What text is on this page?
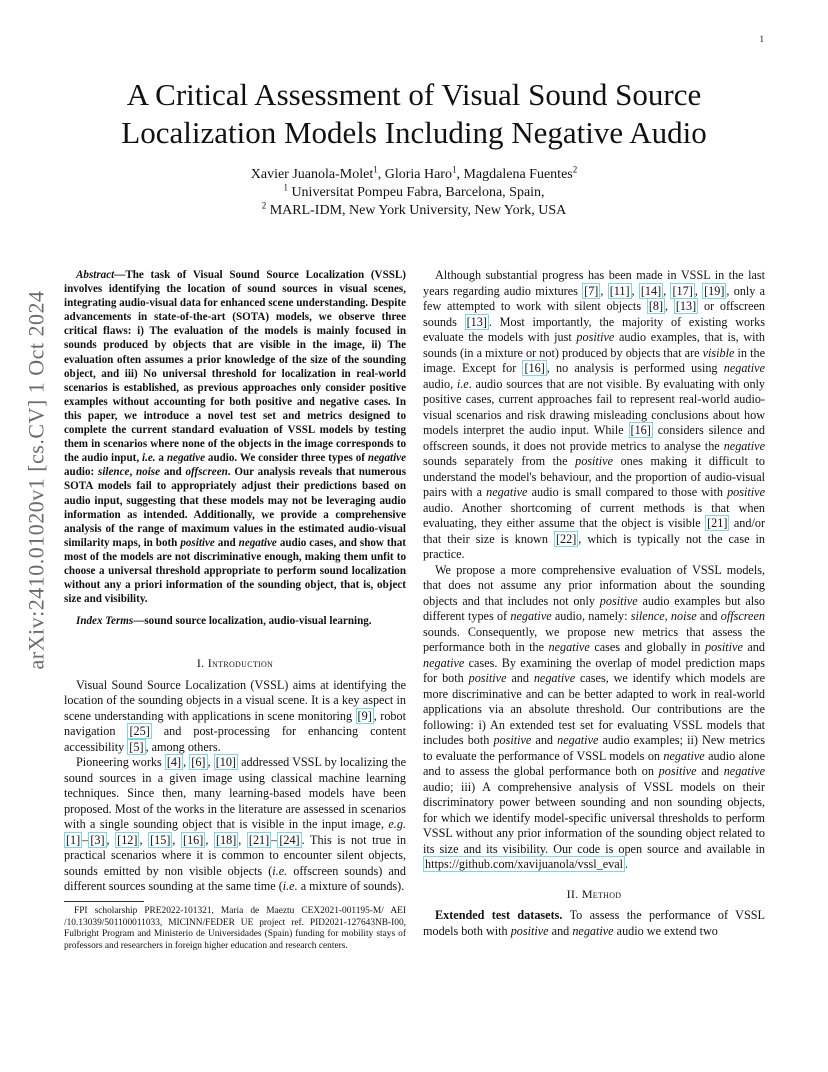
1
arXiv:2410.01020v1 [cs.CV] 1 Oct 2024
A Critical Assessment of Visual Sound Source
Localization Models Including Negative Audio
Xavier Juanola-Molet$^1$, Gloria Haro$^1$, Magdalena Fuentes$^2$
$^1$ Universitat Pompeu Fabra, Barcelona, Spain,
$^2$ MARL-IDM, New York University, New York, USA

Abstract—The task of Visual Sound Source Localization (VSSL) involves identifying the location of sound sources in visual scenes, integrating audio-visual data for enhanced scene understanding. Despite advancements in state-of-the-art (SOTA) models, we observe three critical flaws: i) The evaluation of the models is mainly focused in sounds produced by objects that are visible in the image, ii) The evaluation often assumes a prior knowledge of the size of the sounding object, and iii) No universal threshold for localization in real-world scenarios is established, as previous approaches only consider positive examples without accounting for both positive and negative cases. In this paper, we introduce a novel test set and metrics designed to complete the current standard evaluation of VSSL models by testing them in scenarios where none of the objects in the image corresponds to the audio input, i.e. a negative audio. We consider three types of negative audio: silence, noise and offscreen. Our analysis reveals that numerous SOTA models fail to appropriately adjust their predictions based on audio input, suggesting that these models may not be leveraging audio information as intended. Additionally, we provide a comprehensive analysis of the range of maximum values in the estimated audio-visual similarity maps, in both positive and negative audio cases, and show that most of the models are not discriminative enough, making them unfit to choose a universal threshold appropriate to perform sound localization without any a priori information of the sounding object, that is, object size and visibility.

Index Terms—sound source localization, audio-visual learning.

I. Introduction

Visual Sound Source Localization (VSSL) aims at identifying the location of the sounding objects in a visual scene. It is a key aspect in scene understanding with applications in scene monitoring [9] , robot navigation [25] and post-processing for enhancing content accessibility [5] , among others.

Pioneering works [4] , [6] , [10] addressed VSSL by localizing the sound sources in a given image using classical machine learning techniques. Since then, many learning-based models have been proposed. Most of the works in the literature are assessed in scenarios with a single sounding object that is visible in the input image, e.g. [1] – [3] , [12] , [15] , [16] , [18] , [21] – [24] . This is not true in practical scenarios where it is common to encounter silent objects, sounds emitted by non visible objects (i.e. offscreen sounds) and different sources sounding at the same time (i.e. a mixture of sounds).

FPI scholarship PRE2022-101321, Maria de Maeztu CEX2021-001195-M/ AEI /10.13039/501100011033, MICINN/FEDER UE project ref. PID2021-127643NB-I00, Fulbright Program and Ministerio de Universidades (Spain) funding for mobility stays of professors and researchers in foreign higher education and research centers.

Although substantial progress has been made in VSSL in the last years regarding audio mixtures [7] , [11] , [14] , [17] , [19] , only a few attempted to work with silent objects [8] , [13] or offscreen sounds [13] . Most importantly, the majority of existing works evaluate the models with just positive audio examples, that is, with sounds (in a mixture or not) produced by objects that are visible in the image. Except for [16] , no analysis is performed using negative audio, i.e. audio sources that are not visible. By evaluating with only positive cases, current approaches fail to represent real-world audio-visual scenarios and risk drawing misleading conclusions about how models interpret the audio input. While [16] considers silence and offscreen sounds, it does not provide metrics to analyse the negative sounds separately from the positive ones making it difficult to understand the model's behaviour, and the proportion of audio-visual pairs with a negative audio is small compared to those with positive audio. Another shortcoming of current methods is that when evaluating, they either assume that the object is visible [21] and/or that their size is known [22] , which is typically not the case in practice.

We propose a more comprehensive evaluation of VSSL models, that does not assume any prior information about the sounding objects and that includes not only positive audio examples but also different types of negative audio, namely: silence, noise and offscreen sounds. Consequently, we propose new metrics that assess the performance both in the negative cases and globally in positive and negative cases. By examining the overlap of model prediction maps for both positive and negative cases, we identify which models are more discriminative and can be better adapted to work in real-world applications via an absolute threshold. Our contributions are the following: i) An extended test set for evaluating VSSL models that includes both positive and negative audio examples; ii) New metrics to evaluate the performance of VSSL models on negative audio alone and to assess the global performance both on positive and negative audio; iii) A comprehensive analysis of VSSL models on their discriminatory power between sounding and non sounding objects, for which we identify model-specific universal thresholds to perform VSSL without any prior information of the sounding object related to its size and its visibility. Our code is open source and available in https://github.com/xavijuanola/vssl_eval .

II. Method

Extended test datasets. To assess the performance of VSSL models both with positive and negative audio we extend two
